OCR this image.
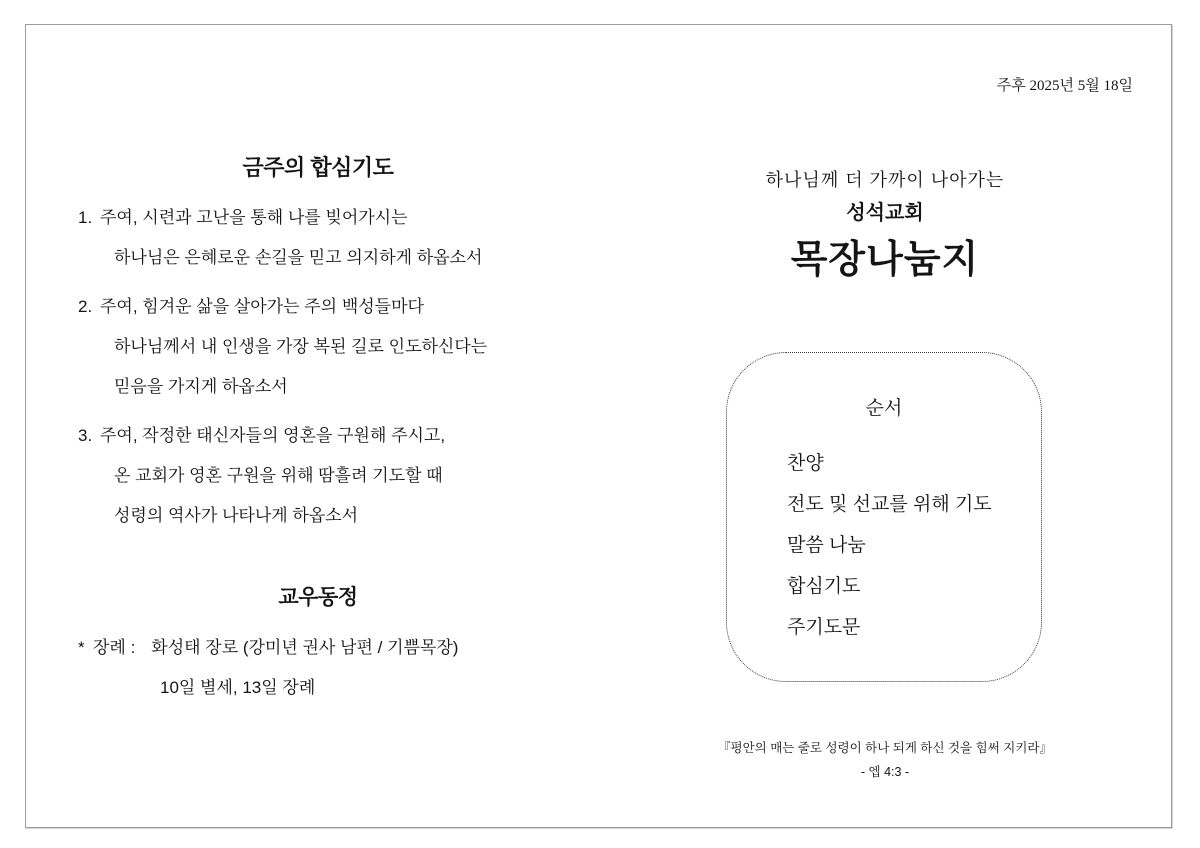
주후 2025년 5월 18일
금주의 합심기도
1. 주여, 시련과 고난을 통해 나를 빚어가시는
하나님은 은혜로운 손길을 믿고 의지하게 하옵소서
2. 주여, 힘겨운 삶을 살아가는 주의 백성들마다
하나님께서 내 인생을 가장 복된 길로 인도하신다는
믿음을 가지게 하옵소서
3. 주여, 작정한 태신자들의 영혼을 구원해 주시고,
온 교회가 영혼 구원을 위해 땀흘려 기도할 때
성령의 역사가 나타나게 하옵소서
교우동정
* 장례 : 화성태 장로 (강미년 권사 남편 / 기쁨목장)
10일 별세, 13일 장례
하나님께 더 가까이 나아가는
성석교회
목장나눔지
순서
찬양
전도 및 선교를 위해 기도
말씀 나눔
합심기도
주기도문
『평안의 매는 줄로 성령이 하나 되게 하신 것을 힘써 지키라』
- 엡 4:3 -
